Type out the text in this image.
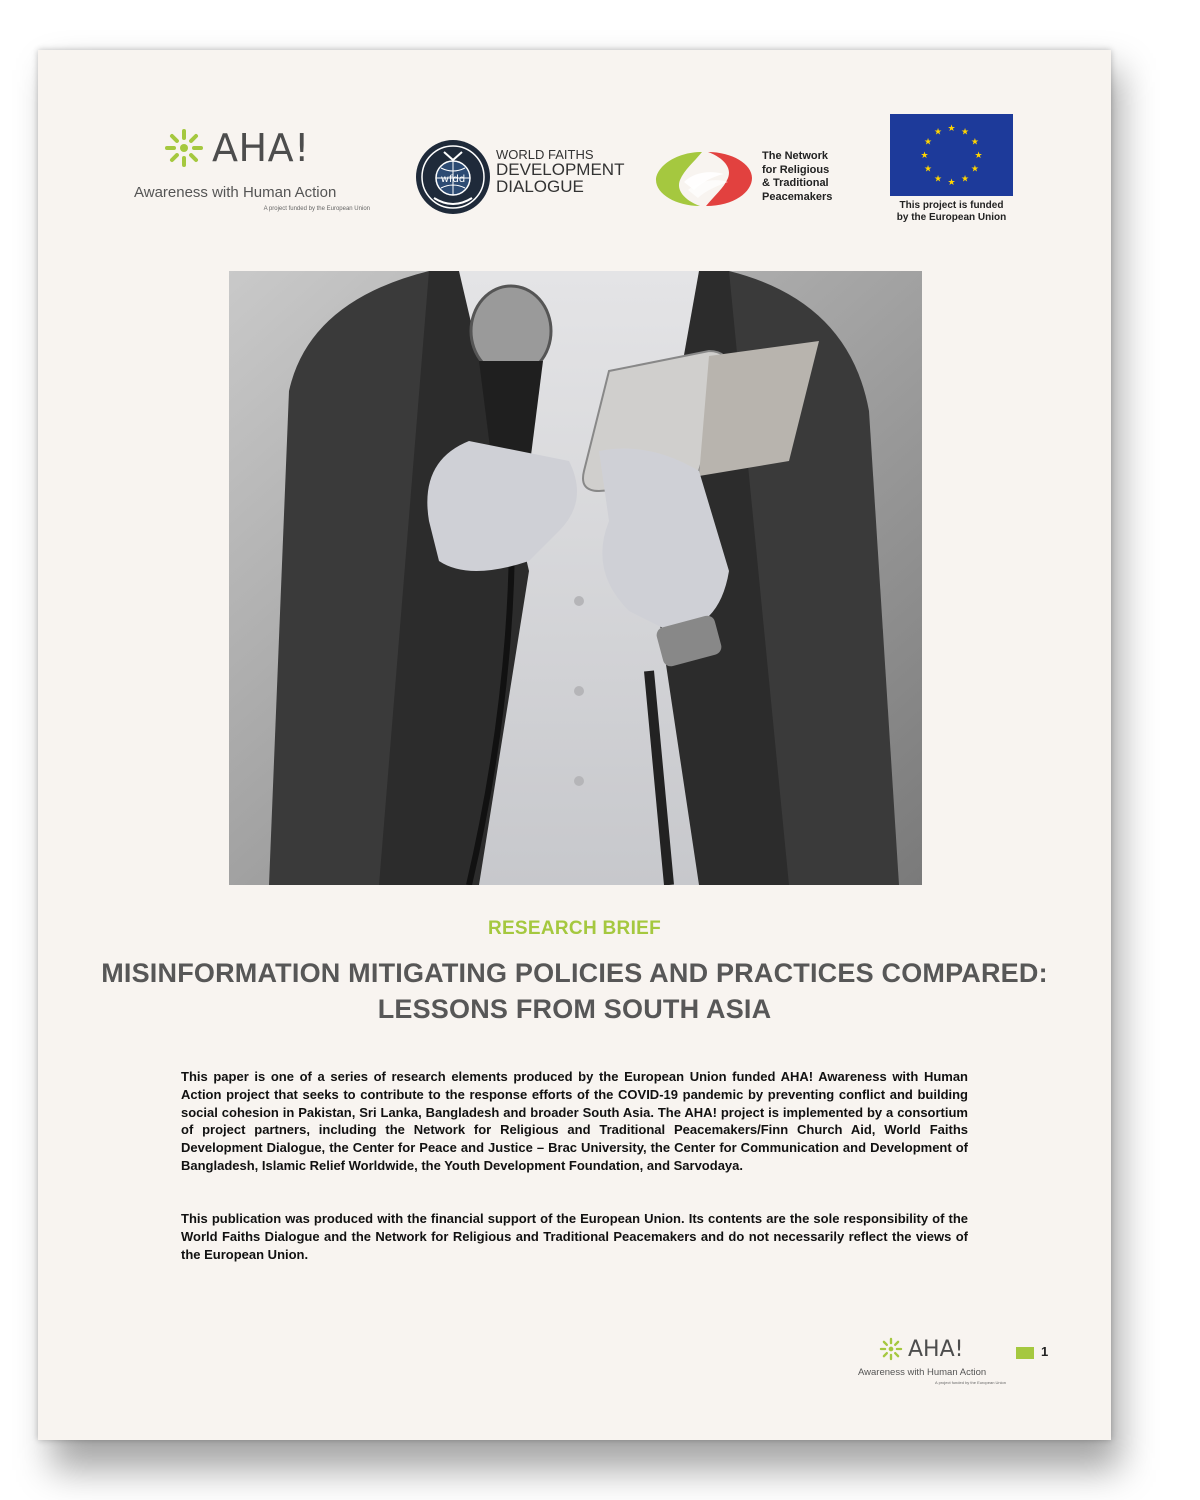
AHA!
Awareness with Human Action
A project funded by the European Union
wfdd
WORLD FAITHS
DEVELOPMENT
DIALOGUE
The Network
for Religious
& Traditional
Peacemakers
★ ★
★
★
★
★
★
★
★
★
★
★
This project is funded
by the European Union
RESEARCH BRIEF
MISINFORMATION MITIGATING POLICIES AND PRACTICES COMPARED: LESSONS FROM SOUTH ASIA

This paper is one of a series of research elements produced by the European Union funded AHA! Awareness with Human Action project that seeks to contribute to the response efforts of the COVID-19 pandemic by preventing conflict and building social cohesion in Pakistan, Sri Lanka, Bangladesh and broader South Asia. The AHA! project is implemented by a consortium of project partners, including the Network for Religious and Traditional Peacemakers/Finn Church Aid, World Faiths Development Dialogue, the Center for Peace and Justice – Brac University, the Center for Communication and Development of Bangladesh, Islamic Relief Worldwide, the Youth Development Foundation, and Sarvodaya.

This publication was produced with the financial support of the European Union. Its contents are the sole responsibility of the World Faiths Dialogue and the Network for Religious and Traditional Peacemakers and do not necessarily reflect the views of the European Union.

AHA!
Awareness with Human Action
A project funded by the European Union
1
